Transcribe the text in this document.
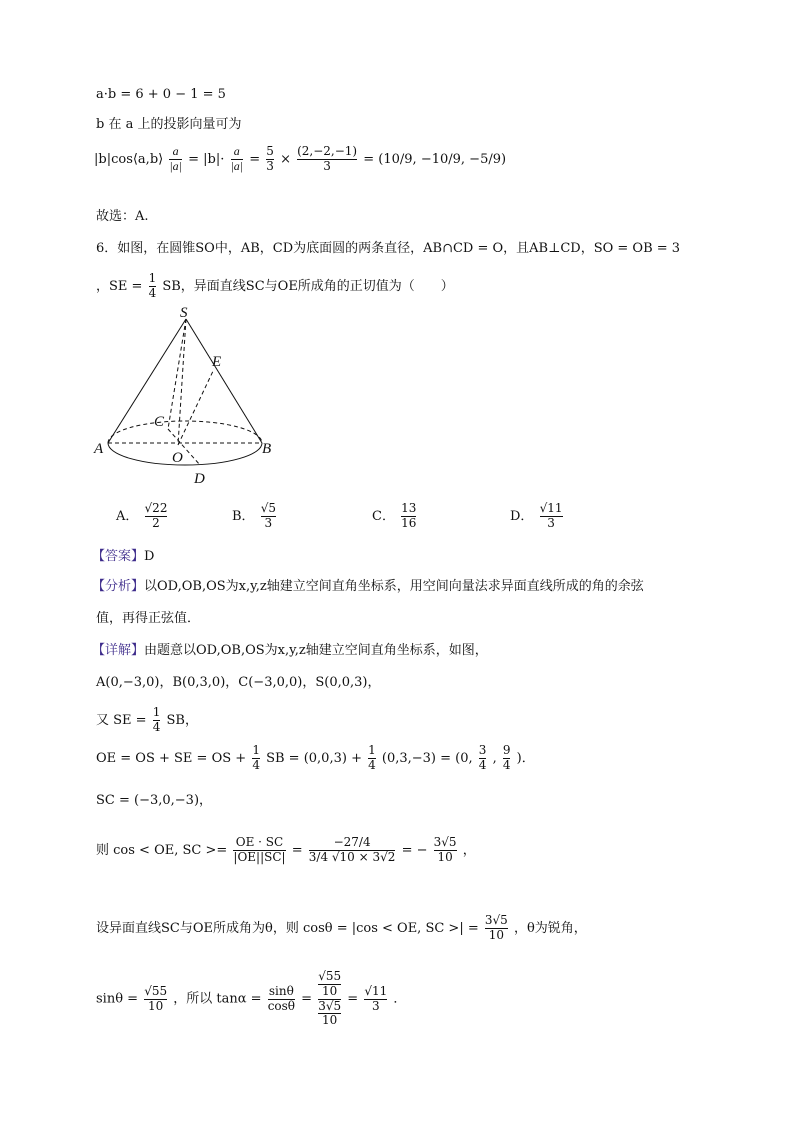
a·b = 6 + 0 − 1 = 5
b 在 a 上的投影向量可为
|b|cos⟨a,b⟩ $\frac{a}{|a|} = |b|\cdot \frac{a}{|a|} = \frac{5}{3} \times \frac{(2,-2,-1)}{3} = (10/9$, −10/9, −5/9)
故选：A.
6．如图，在圆锥SO中，AB，CD为底面圆的两条直径，AB∩CD = O，且AB⊥CD，SO = OB = 3
，SE = $\frac{1}{4}$ SB，异面直线SC与OE所成角的正切值为（　　）
S
E
C
A
O
B
D
A． $\frac{√22}{2}$	B． $\frac{√5}{3}$	C． $\frac{13}{16}$	D． $\frac{√11}{3}$
【答案】D
【分析】以OD,OB,OS为x,y,z轴建立空间直角坐标系，用空间向量法求异面直线所成的角的余弦
值，再得正弦值．
【详解】由题意以OD,OB,OS为x,y,z轴建立空间直角坐标系，如图，
A(0,−3,0)，B(0,3,0)，C(−3,0,0)，S(0,0,3)，
又 SE = $\frac{1}{4}$ SB，
OE = OS + SE = OS + $\frac{1}{4}$ SB = $(0,0,3) + \frac{1}{4} (0,3,-3) = (0$, $\frac{3}{4}$ , $\frac{9}{4}$ )．
SC = (−3,0,−3)，
则 cos < OE, SC >= $\frac{OE \cdot SC}{|OE||SC|} = \frac{-27/4}{3/4 √10 \times 3√2}$ = − $\frac{3√5}{10}$ ，
设异面直线SC与OE所成角为θ，则 cosθ = |cos < OE, SC >| = $\frac{3√5}{10}$ ，θ为锐角，
$\sin\theta = \frac{√55}{10}$ ，所以 $\tan\alpha = \frac{\sin\theta}{\cos\theta} = \frac{\frac{√55}{10}}{\frac{3√5}{10}} = \frac{√11}{3}$ ．
